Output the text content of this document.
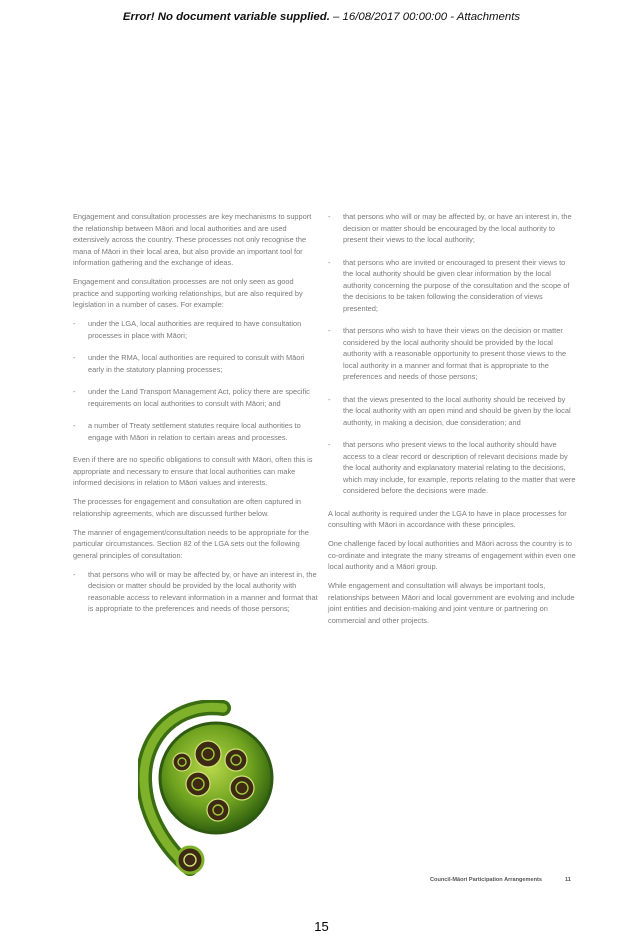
Error! No document variable supplied. – 16/08/2017 00:00:00 - Attachments

Engagement and consultation processes are key mechanisms to support the relationship between Māori and local authorities and are used extensively across the country. These processes not only recognise the mana of Māori in their local area, but also provide an important tool for information gathering and the exchange of ideas.

Engagement and consultation processes are not only seen as good practice and supporting working relationships, but are also required by legislation in a number of cases. For example:

- under the LGA, local authorities are required to have consultation processes in place with Māori;
- under the RMA, local authorities are required to consult with Māori early in the statutory planning processes;
- under the Land Transport Management Act, policy there are specific requirements on local authorities to consult with Māori; and
- a number of Treaty settlement statutes require local authorities to engage with Māori in relation to certain areas and processes.

Even if there are no specific obligations to consult with Māori, often this is appropriate and necessary to ensure that local authorities can make informed decisions in relation to Māori values and interests.

The processes for engagement and consultation are often captured in relationship agreements, which are discussed further below.

The manner of engagement/consultation needs to be appropriate for the particular circumstances. Section 82 of the LGA sets out the following general principles of consultation:

- that persons who will or may be affected by, or have an interest in, the decision or matter should be provided by the local authority with reasonable access to relevant information in a manner and format that is appropriate to the preferences and needs of those persons;
- that persons who will or may be affected by, or have an interest in, the decision or matter should be encouraged by the local authority to present their views to the local authority;
- that persons who are invited or encouraged to present their views to the local authority should be given clear information by the local authority concerning the purpose of the consultation and the scope of the decisions to be taken following the consideration of views presented;
- that persons who wish to have their views on the decision or matter considered by the local authority should be provided by the local authority with a reasonable opportunity to present those views to the local authority in a manner and format that is appropriate to the preferences and needs of those persons;
- that the views presented to the local authority should be received by the local authority with an open mind and should be given by the local authority, in making a decision, due consideration; and
- that persons who present views to the local authority should have access to a clear record or description of relevant decisions made by the local authority and explanatory material relating to the decisions, which may include, for example, reports relating to the matter that were considered before the decisions were made.

A local authority is required under the LGA to have in place processes for consulting with Māori in accordance with these principles.

One challenge faced by local authorities and Māori across the country is to co-ordinate and integrate the many streams of engagement within even one local authority and a Māori group.

While engagement and consultation will always be important tools, relationships between Māori and local government are evolving and include joint entities and decision-making and joint venture or partnering on commercial and other projects.

Council-Māori Participation Arrangements	11
15
